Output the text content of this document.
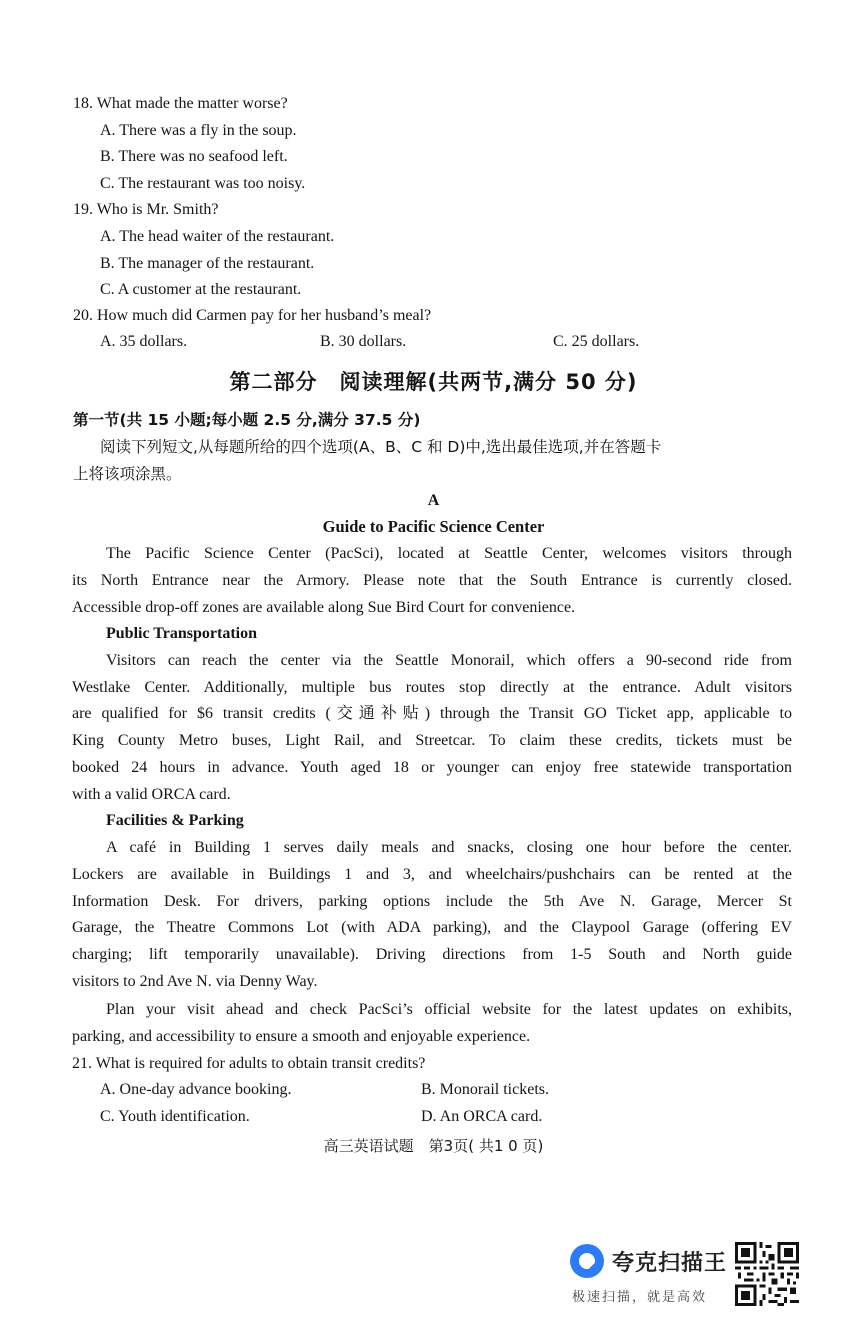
18. What made the matter worse?
A. There was a fly in the soup.
B. There was no seafood left.
C. The restaurant was too noisy.
19. Who is Mr. Smith?
A. The head waiter of the restaurant.
B. The manager of the restaurant.
C. A customer at the restaurant.
20. How much did Carmen pay for her husband’s meal?
A. 35 dollars.	B. 30 dollars.	C. 25 dollars.
第二部分　阅读理解(共两节,满分 50 分)
第一节(共 15 小题;每小题 2.5 分,满分 37.5 分)
阅读下列短文,从每题所给的四个选项(A、B、C 和 D)中,选出最佳选项,并在答题卡
上将该项涂黑。
A
Guide to Pacific Science Center
The Pacific Science Center (PacSci), located at Seattle Center, welcomes visitors through
its North Entrance near the Armory. Please note that the South Entrance is currently closed.
Accessible drop-off zones are available along Sue Bird Court for convenience.
Public Transportation
Visitors can reach the center via the Seattle Monorail, which offers a 90-second ride from
Westlake Center. Additionally, multiple bus routes stop directly at the entrance. Adult visitors
are qualified for $6 transit credits (交通补贴) through the Transit GO Ticket app, applicable to
King County Metro buses, Light Rail, and Streetcar. To claim these credits, tickets must be
booked 24 hours in advance. Youth aged 18 or younger can enjoy free statewide transportation
with a valid ORCA card.
Facilities & Parking
A café in Building 1 serves daily meals and snacks, closing one hour before the center.
Lockers are available in Buildings 1 and 3, and wheelchairs/pushchairs can be rented at the
Information Desk. For drivers, parking options include the 5th Ave N. Garage, Mercer St
Garage, the Theatre Commons Lot (with ADA parking), and the Claypool Garage (offering EV
charging; lift temporarily unavailable). Driving directions from 1-5 South and North guide
visitors to 2nd Ave N. via Denny Way.
Plan your visit ahead and check PacSci’s official website for the latest updates on exhibits,
parking, and accessibility to ensure a smooth and enjoyable experience.
21. What is required for adults to obtain transit credits?
A. One-day advance booking.	B. Monorail tickets.
C. Youth identification.	D. An ORCA card.
高三英语试题　第3页( 共1 0 页)
夸克扫描王
极速扫描，就是高效
